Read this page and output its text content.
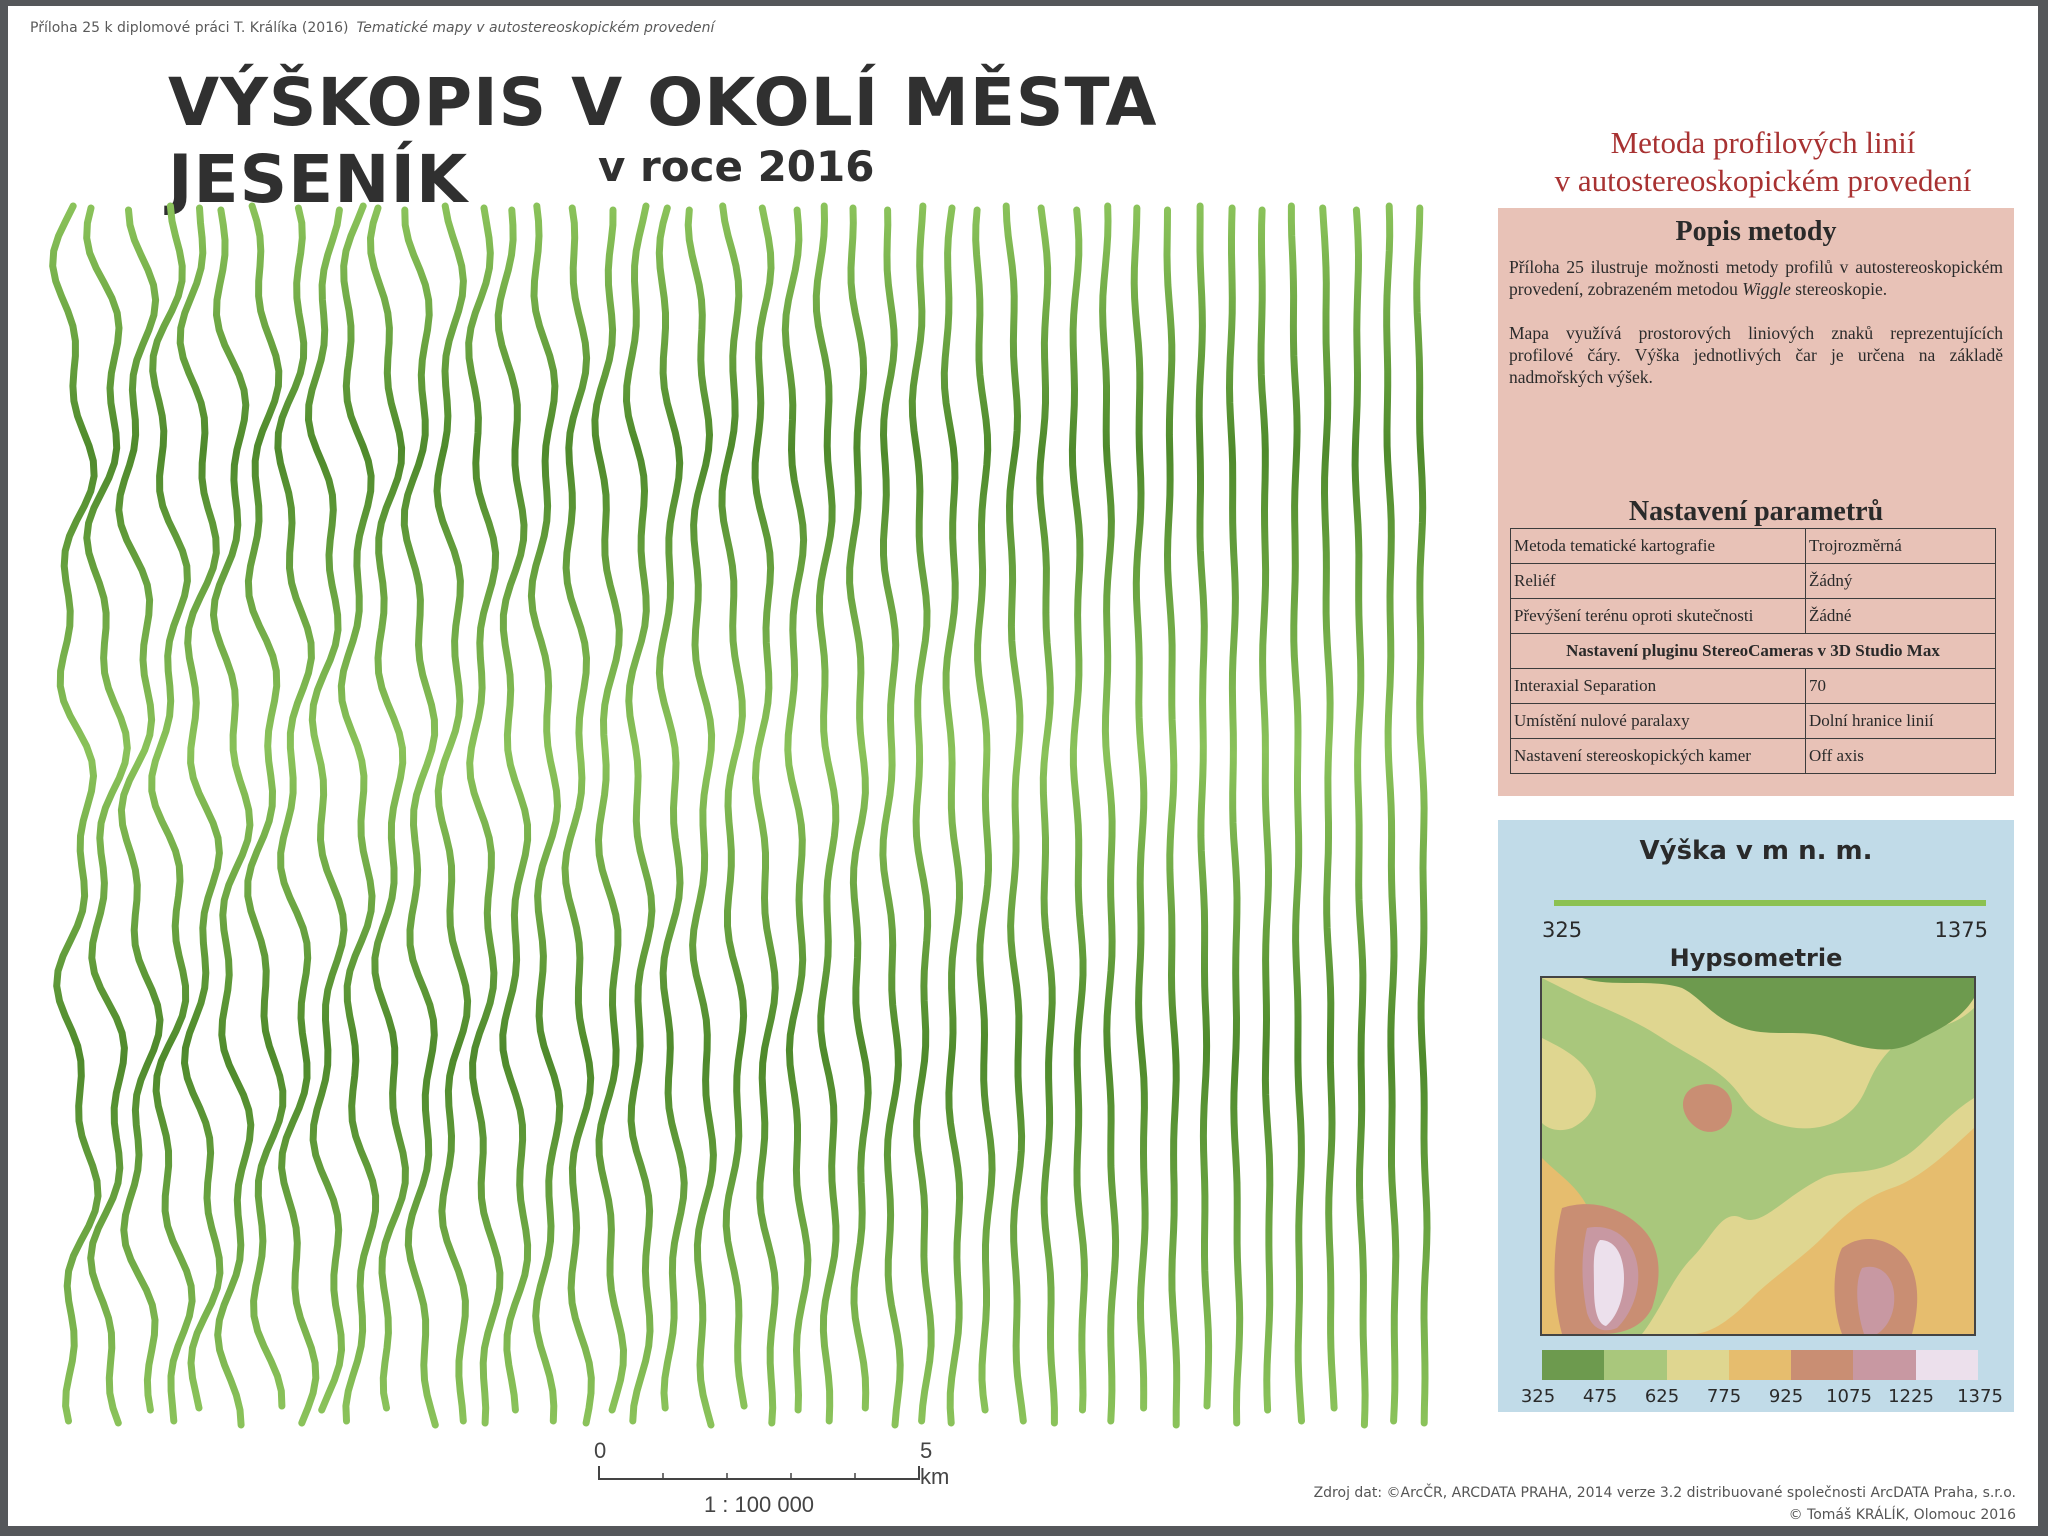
Příloha 25 k diplomové práci T. Králíka (2016) Tematické mapy v autostereoskopickém provedení
VÝŠKOPIS V OKOLÍ MĚSTA JESENÍK	v roce 2016	Metoda profilových linií
v autostereoskopickém provedení
0	5 km
1 : 100 000
Popis metody

Příloha 25 ilustruje možnosti metody profilů v autostereoskopickém provedení, zobrazeném metodou Wiggle stereoskopie.

Mapa využívá prostorových liniových znaků reprezentujících profilové čáry. Výška jednotlivých čar je určena na základě nadmořských výšek.

Nastavení parametrů
Metoda tematické kartografie	Trojrozměrná
Reliéf	Žádný
Převýšení terénu oproti skutečnosti	Žádné
Nastavení pluginu StereoCameras v 3D Studio Max	
Interaxial Separation	70
Umístění nulové paralaxy	Dolní hranice linií
Nastavení stereoskopických kamer	Off axis
Výška v m n. m.
325	1375
Hypsometrie
325 475 625 775 925 1075 1225 1375
Zdroj dat: ©ArcČR, ARCDATA PRAHA, 2014 verze 3.2 distribuované společnosti ArcDATA Praha, s.r.o.
© Tomáš KRÁLÍK, Olomouc 2016
